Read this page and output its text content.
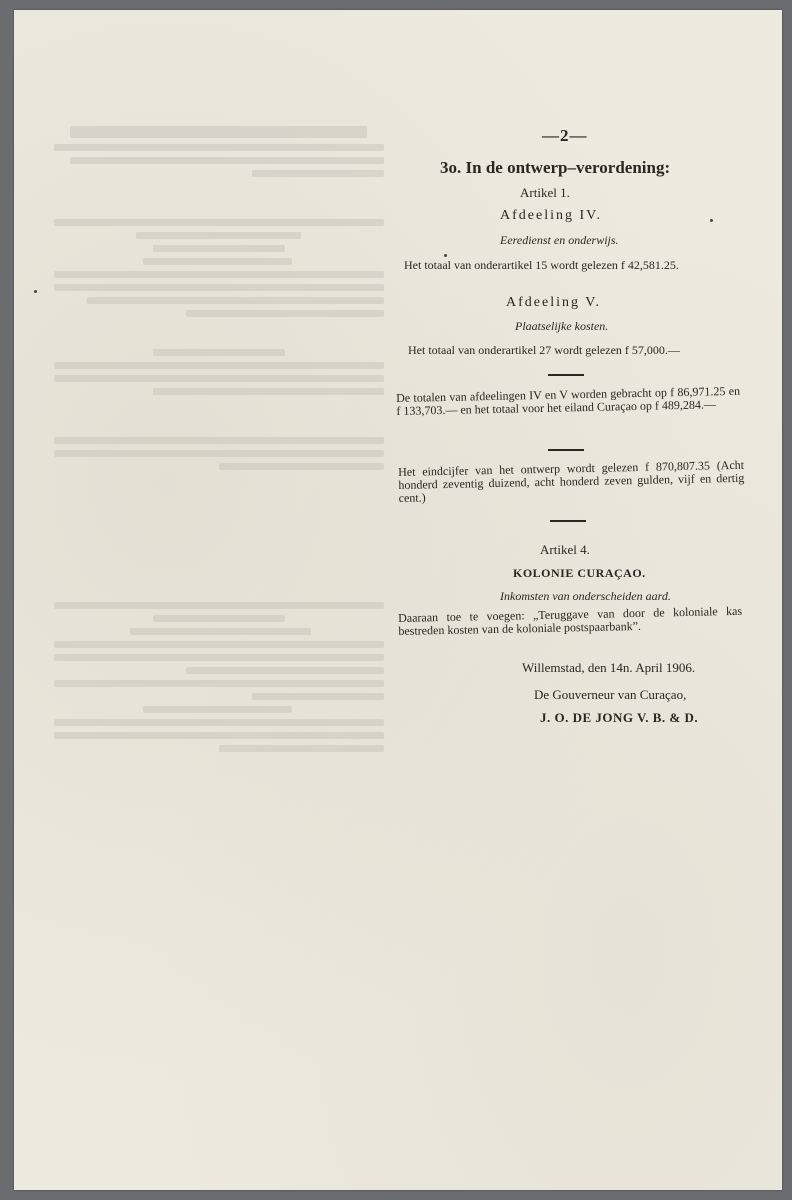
—2—
3o. In de ontwerp–verordening:
Artikel 1.
Afdeeling IV.
Eeredienst en onderwijs.
Het totaal van onderartikel 15 wordt gelezen f 42,581.25.
Afdeeling V.
Plaatselijke kosten.
Het totaal van onderartikel 27 wordt gelezen f 57,000.—
De totalen van afdeelingen IV en V worden gebracht op f 86,971.25 en f 133,703.— en het totaal voor het eiland Curaçao op f 489,284.—
Het eindcijfer van het ontwerp wordt gelezen f 870,807.35 (Acht honderd zeventig duizend, acht honderd zeven gulden, vijf en dertig cent.)
Artikel 4.
KOLONIE CURAÇAO.
Inkomsten van onderscheiden aard.
Daaraan toe te voegen: „Teruggave van door de koloniale kas bestreden kosten van de koloniale postspaarbank”.
Willemstad, den 14n. April 1906.
De Gouverneur van Curaçao,
J. O. DE JONG V. B. & D.
